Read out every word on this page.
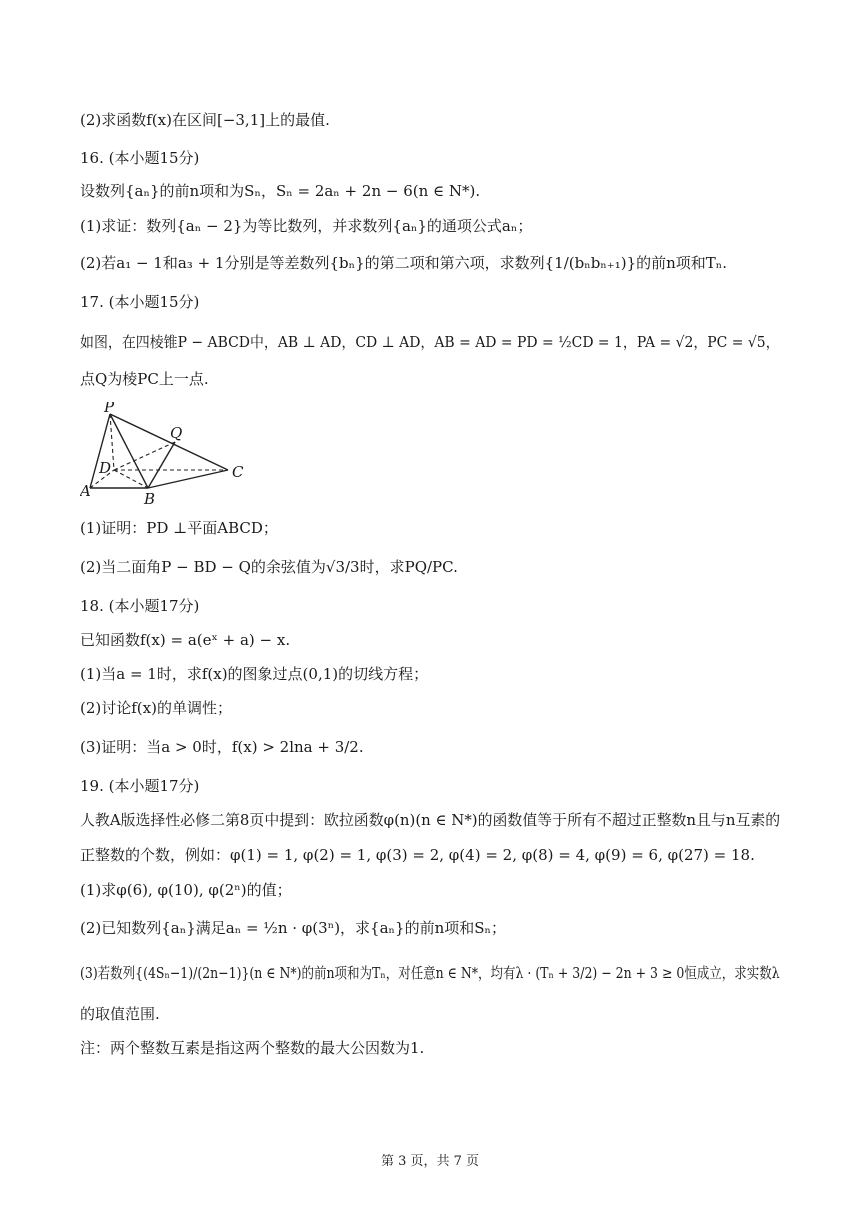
(2)求函数f(x)在区间[−3,1]上的最值.
16. (本小题15分)
设数列{aₙ}的前n项和为Sₙ，Sₙ = 2aₙ + 2n − 6(n ∈ N*).
(1)求证：数列{aₙ − 2}为等比数列，并求数列{aₙ}的通项公式aₙ；
(2)若a₁ − 1和a₃ + 1分别是等差数列{bₙ}的第二项和第六项，求数列{1/(bₙbₙ₊₁)}的前n项和Tₙ.
17. (本小题15分)
如图，在四棱锥P − ABCD中，AB ⊥ AD，CD ⊥ AD，AB = AD = PD = ½CD = 1，PA = √2，PC = √5，
点Q为棱PC上一点.
P
Q
D
A	B
C
(1)证明：PD ⊥平面ABCD；
(2)当二面角P − BD − Q的余弦值为√3/3时，求PQ/PC.
18. (本小题17分)
已知函数f(x) = a(eˣ + a) − x.
(1)当a = 1时，求f(x)的图象过点(0,1)的切线方程；
(2)讨论f(x)的单调性；
(3)证明：当a > 0时，f(x) > 2lna + 3/2.
19. (本小题17分)
人教A版选择性必修二第8页中提到：欧拉函数φ(n)(n ∈ N*)的函数值等于所有不超过正整数n且与n互素的
正整数的个数，例如：φ(1) = 1, φ(2) = 1, φ(3) = 2, φ(4) = 2, φ(8) = 4, φ(9) = 6, φ(27) = 18.
(1)求φ(6), φ(10), φ(2ⁿ)的值；
(2)已知数列{aₙ}满足aₙ = ½n · φ(3ⁿ)，求{aₙ}的前n项和Sₙ；
(3)若数列{(4Sₙ−1)/(2n−1)}(n ∈ N*)的前n项和为Tₙ，对任意n ∈ N*，均有λ · (Tₙ + 3/2) − 2n + 3 ≥ 0恒成立，求实数λ
的取值范围.
注：两个整数互素是指这两个整数的最大公因数为1.
第 3 页，共 7 页
